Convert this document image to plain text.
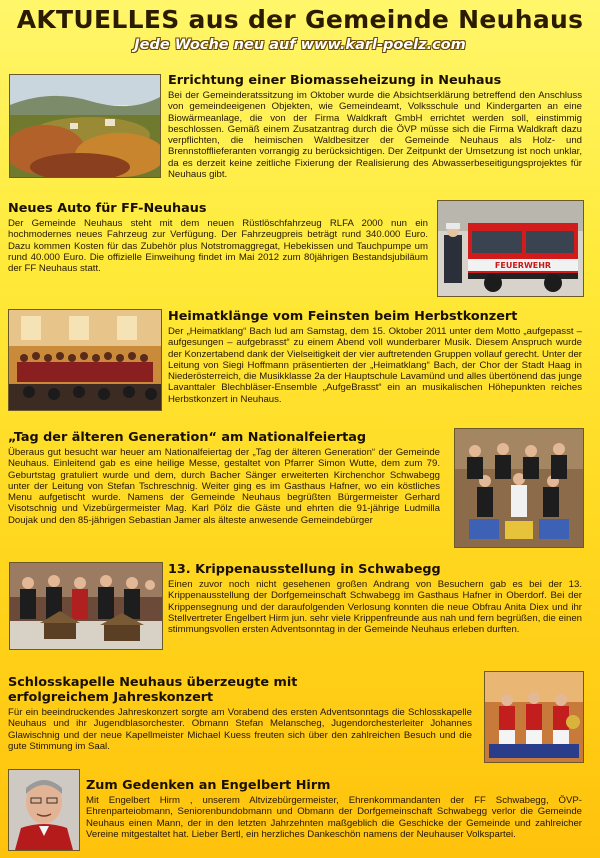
AKTUELLES aus der Gemeinde Neuhaus
Jede Woche neu auf www.karl-poelz.com
Errichtung einer Biomasseheizung in Neuhaus
Bei der Gemeinderatssitzung im Oktober wurde die Absichtserklärung betreffend den Anschluss von gemeindeeigenen Objekten, wie Gemeindeamt, Volksschule und Kindergarten an eine Biowärmeanlage, die von der Firma Waldkraft GmbH errichtet werden soll, einstimmig beschlossen. Gemäß einem Zusatzantrag durch die ÖVP müsse sich die Firma Waldkraft dazu verpflichten, die heimischen Waldbesitzer der Gemeinde Neuhaus als Holz- und Brennstofflieferanten vorrangig zu berücksichtigen. Der Zeitpunkt der Umsetzung ist noch unklar, da es derzeit keine zeitliche Fixierung der Realisierung des Abwasserbeseitigungsprojektes für Neuhaus gibt.
Neues Auto für FF-Neuhaus
Der Gemeinde Neuhaus steht mit dem neuen Rüstlöschfahrzeug RLFA 2000 nun ein hochmodernes neues Fahrzeug zur Verfügung. Der Fahrzeugpreis beträgt rund 340.000 Euro. Dazu kommen Kosten für das Zubehör plus Notstromaggregat, Hebekissen und Tauchpumpe um rund 40.000 Euro. Die offizielle Einweihung findet im Mai 2012 zum 80jährigen Bestandsjubiläum der FF Neuhaus statt.	FEUERWEHR
Heimatklänge vom Feinsten beim Herbstkonzert
Der „Heimatklang“ Bach lud am Samstag, dem 15. Oktober 2011 unter dem Motto „aufgepasst – aufgesungen – aufgebrasst“ zu einem Abend voll wunderbarer Musik. Diesem Anspruch wurde der Konzertabend dank der Vielseitigkeit der vier auftretenden Gruppen vollauf gerecht. Unter der Leitung von Siegi Hoffmann präsentierten der „Heimatklang“ Bach, der Chor der Stadt Haag in Niederösterreich, die Musikklasse 2a der Hauptschule Lavamünd und alles übertönend das junge Lavanttaler Blechbläser-Ensemble „AufgeBrasst“ ein an musikalischen Höhepunkten reiches Herbstkonzert in Neuhaus.
„Tag der älteren Generation“ am Nationalfeiertag
Überaus gut besucht war heuer am Nationalfeiertag der „Tag der älteren Generation“ der Gemeinde Neuhaus. Einleitend gab es eine heilige Messe, gestaltet von Pfarrer Simon Wutte, dem zum 79. Geburtstag gratuliert wurde und dem, durch Bacher Sänger erweiterten Kirchenchor Schwabegg unter der Leitung von Stefan Tschreschnig. Weiter ging es im Gasthaus Hafner, wo ein köstliches Menu aufgetischt wurde. Namens der Gemeinde Neuhaus begrüßten Bürgermeister Gerhard Visotschnig und Vizebürgermeister Mag. Karl Pölz die Gäste und ehrten die 91-jährige Ludmilla Doujak und den 85-jährigen Sebastian Jamer als älteste anwesende Gemeindebürger
13. Krippenausstellung in Schwabegg
Einen zuvor noch nicht gesehenen großen Andrang von Besuchern gab es bei der 13. Krippenausstellung der Dorfgemeinschaft Schwabegg im Gasthaus Hafner in Oberdorf. Bei der Krippensegnung und der daraufolgenden Verlosung konnten die neue Obfrau Anita Diex und ihr Stellvertreter Engelbert Hirm jun. sehr viele Krippenfreunde aus nah und fern begrüßen, die einen stimmungsvollen ersten Adventsonntag in der Gemeinde Neuhaus erleben durften.
Schlosskapelle Neuhaus überzeugte mit erfolgreichem Jahreskonzert
Für ein beeindruckendes Jahreskonzert sorgte am Vorabend des ersten Adventsonntags die Schlosskapelle Neuhaus und ihr Jugendblasorchester. Obmann Stefan Melanscheg, Jugendorchesterleiter Johannes Glawischnig und der neue Kapellmeister Michael Kuess freuten sich über den zahlreichen Besuch und die gute Stimmung im Saal.
Zum Gedenken an Engelbert Hirm
Mit Engelbert Hirm , unserem Altvizebürgermeister, Ehrenkommandanten der FF Schwabegg, ÖVP-Ehrenparteiobmann, Seniorenbundobmann und Obmann der Dorfgemeinschaft Schwabegg verlor die Gemeinde Neuhaus einen Mann, der in den letzten Jahrzehnten maßgeblich die Geschicke der Gemeinde und zahlreicher Vereine mitgestaltet hat. Lieber Bertl, ein herzliches Dankeschön namens der Neuhauser Volkspartei.
